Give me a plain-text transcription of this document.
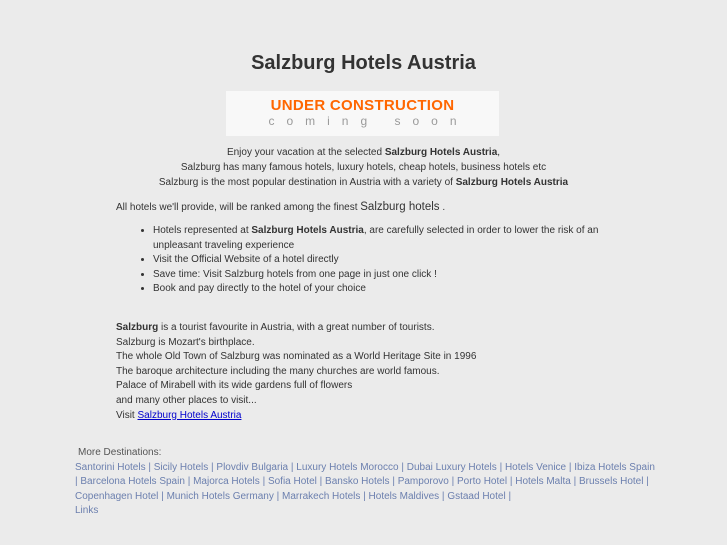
Salzburg Hotels Austria
UNDER CONSTRUCTION
coming soon

Enjoy your vacation at the selected Salzburg Hotels Austria,

Salzburg has many famous hotels, luxury hotels, cheap hotels, business hotels etc

Salzburg is the most popular destination in Austria with a variety of Salzburg Hotels Austria

All hotels we'll provide, will be ranked among the finest Salzburg hotels .
• Hotels represented at Salzburg Hotels Austria, are carefully selected in order to lower the risk of an unpleasant traveling experience
• Visit the Official Website of a hotel directly
• Save time: Visit Salzburg hotels from one page in just one click !
• Book and pay directly to the hotel of your choice

Salzburg is a tourist favourite in Austria, with a great number of tourists.

Salzburg is Mozart's birthplace.

The whole Old Town of Salzburg was nominated as a World Heritage Site in 1996

The baroque architecture including the many churches are world famous.

Palace of Mirabell with its wide gardens full of flowers

and many other places to visit...

Visit Salzburg Hotels Austria

More Destinations:
Santorini Hotels | Sicily Hotels | Plovdiv Bulgaria | Luxury Hotels Morocco | Dubai Luxury Hotels | Hotels Venice | Ibiza Hotels Spain
| Barcelona Hotels Spain | Majorca Hotels | Sofia Hotel | Bansko Hotels | Pamporovo | Porto Hotel | Hotels Malta | Brussels Hotel |
Copenhagen Hotel | Munich Hotels Germany | Marrakech Hotels | Hotels Maldives | Gstaad Hotel |
Links
